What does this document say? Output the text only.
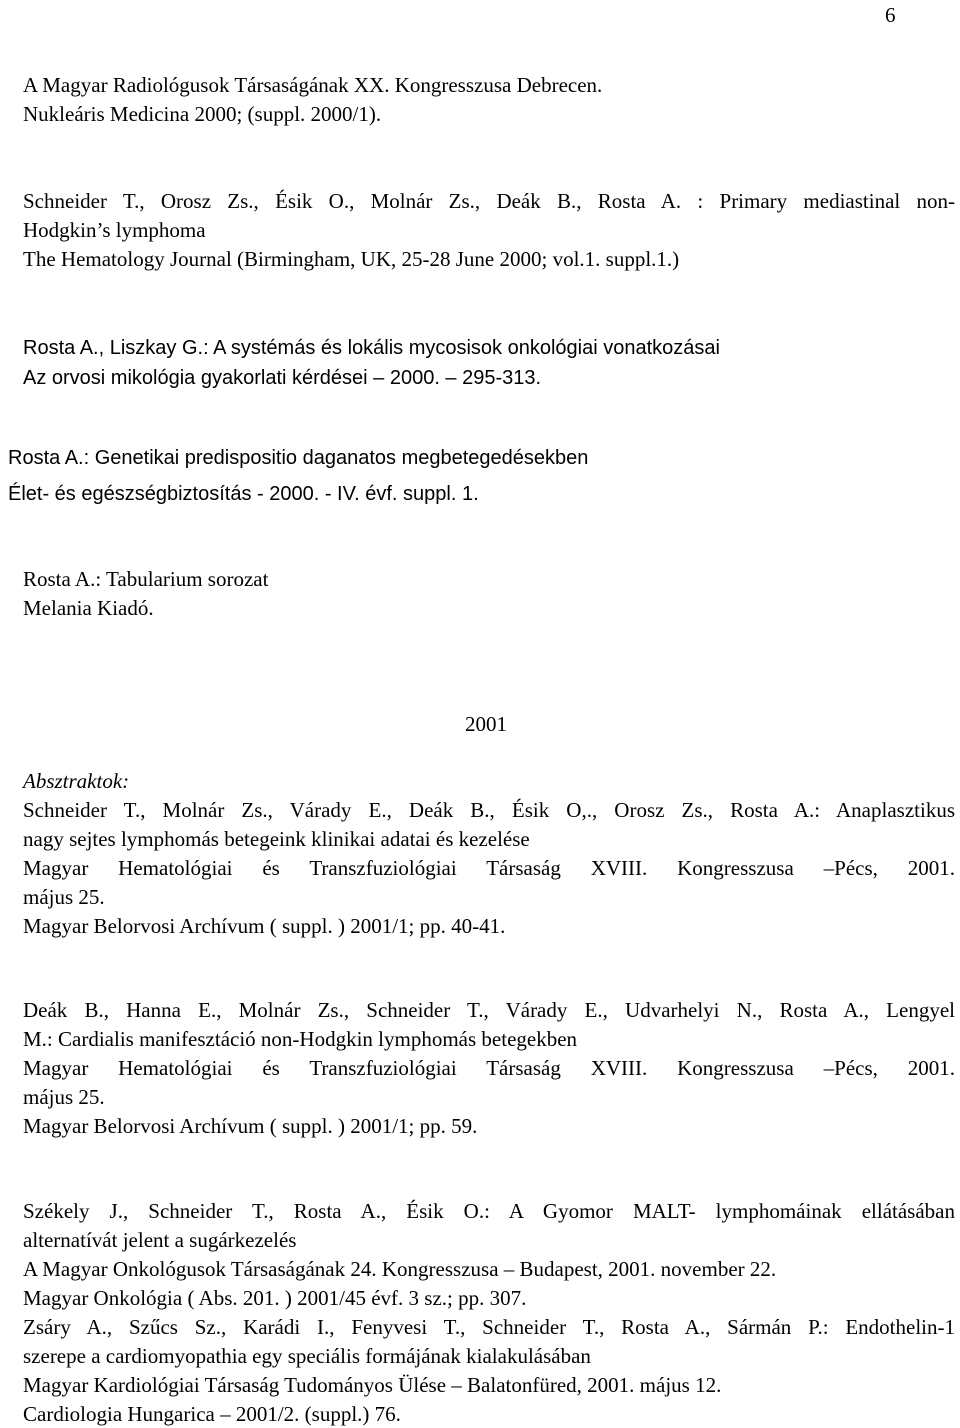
6
A Magyar Radiológusok Társaságának XX. Kongresszusa Debrecen.
Nukleáris Medicina 2000; (suppl. 2000/1).
Schneider T., Orosz Zs., Ésik O., Molnár Zs., Deák B., Rosta A. : Primary mediastinal non-
Hodgkin’s lymphoma
The Hematology Journal (Birmingham, UK, 25-28 June 2000; vol.1. suppl.1.)
Rosta A., Liszkay G.: A systémás és lokális mycosisok onkológiai vonatkozásai
Az orvosi mikológia gyakorlati kérdései – 2000. – 295-313.
Rosta A.: Genetikai predispositio daganatos megbetegedésekben
Élet- és egészségbiztosítás - 2000. - IV. évf. suppl. 1.
Rosta A.: Tabularium sorozat
Melania Kiadó.
2001
Absztraktok:
Schneider T., Molnár Zs., Várady E., Deák B., Ésik O,., Orosz Zs., Rosta A.: Anaplasztikus
nagy sejtes lymphomás betegeink klinikai adatai és kezelése
Magyar Hematológiai és Transzfuziológiai Társaság XVIII. Kongresszusa –Pécs, 2001.
május 25.
Magyar Belorvosi Archívum ( suppl. ) 2001/1; pp. 40-41.
Deák B., Hanna E., Molnár Zs., Schneider T., Várady E., Udvarhelyi N., Rosta A., Lengyel
M.: Cardialis manifesztáció non-Hodgkin lymphomás betegekben
Magyar Hematológiai és Transzfuziológiai Társaság XVIII. Kongresszusa –Pécs, 2001.
május 25.
Magyar Belorvosi Archívum ( suppl. ) 2001/1; pp. 59.
Székely J., Schneider T., Rosta A., Ésik O.: A Gyomor MALT- lymphomáinak ellátásában
alternatívát jelent a sugárkezelés
A Magyar Onkológusok Társaságának 24. Kongresszusa – Budapest, 2001. november 22.
Magyar Onkológia ( Abs. 201. ) 2001/45 évf. 3 sz.; pp. 307.
Zsáry A., Szűcs Sz., Karádi I., Fenyvesi T., Schneider T., Rosta A., Sármán P.: Endothelin-1
szerepe a cardiomyopathia egy speciális formájának kialakulásában
Magyar Kardiológiai Társaság Tudományos Ülése – Balatonfüred, 2001. május 12.
Cardiologia Hungarica – 2001/2. (suppl.) 76.
